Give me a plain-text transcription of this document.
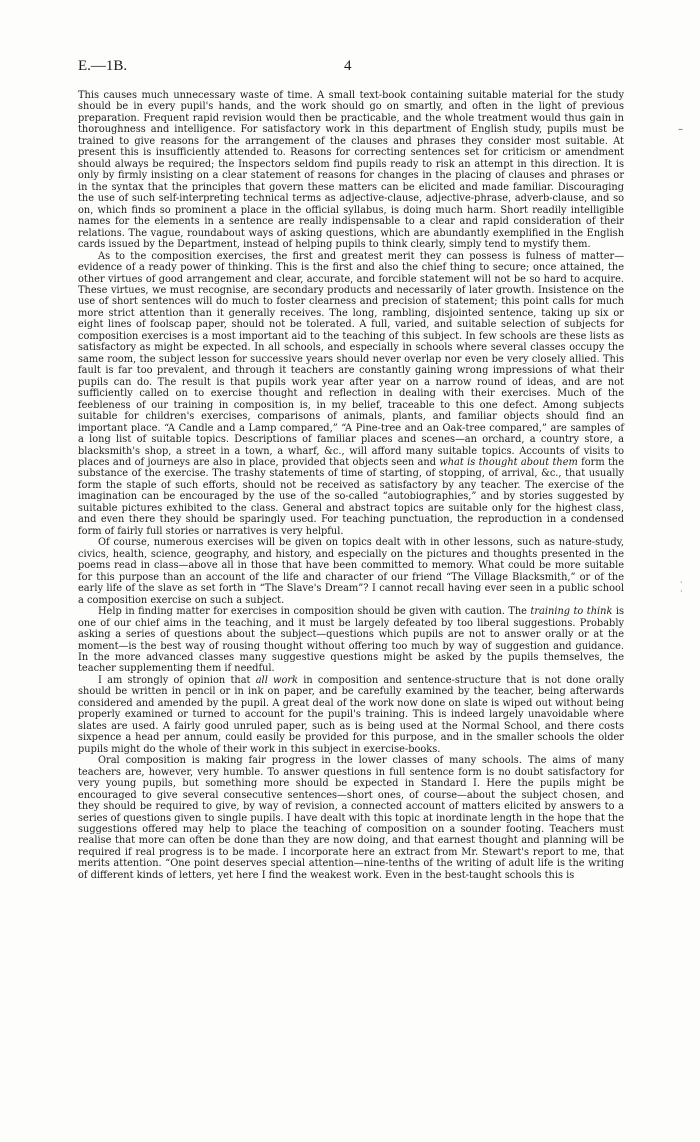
E.—1B.	4

This causes much unnecessary waste of time. A small text-book containing suitable material for the study should be in every pupil's hands, and the work should go on smartly, and often in the light of previous preparation. Frequent rapid revision would then be practicable, and the whole treatment would thus gain in thoroughness and intelligence. For satisfactory work in this department of English study, pupils must be trained to give reasons for the arrangement of the clauses and phrases they consider most suitable. At present this is insufficiently attended to. Reasons for correcting sentences set for criticism or amendment should always be required; the Inspectors seldom find pupils ready to risk an attempt in this direction. It is only by firmly insisting on a clear statement of reasons for changes in the placing of clauses and phrases or in the syntax that the principles that govern these matters can be elicited and made familiar. Discouraging the use of such self-interpreting technical terms as adjective-clause, adjective-phrase, adverb-clause, and so on, which finds so prominent a place in the official syllabus, is doing much harm. Short readily intelligible names for the elements in a sentence are really indispensable to a clear and rapid consideration of their relations. The vague, roundabout ways of asking questions, which are abundantly exemplified in the English cards issued by the Department, instead of helping pupils to think clearly, simply tend to mystify them.

As to the composition exercises, the first and greatest merit they can possess is fulness of matter—evidence of a ready power of thinking. This is the first and also the chief thing to secure; once attained, the other virtues of good arrangement and clear, accurate, and forcible statement will not be so hard to acquire. These virtues, we must recognise, are secondary products and necessarily of later growth. Insistence on the use of short sentences will do much to foster clearness and precision of statement; this point calls for much more strict attention than it generally receives. The long, rambling, disjointed sentence, taking up six or eight lines of foolscap paper, should not be tolerated. A full, varied, and suitable selection of subjects for composition exercises is a most important aid to the teaching of this subject. In few schools are these lists as satisfactory as might be expected. In all schools, and especially in schools where several classes occupy the same room, the subject lesson for successive years should never overlap nor even be very closely allied. This fault is far too prevalent, and through it teachers are constantly gaining wrong impressions of what their pupils can do. The result is that pupils work year after year on a narrow round of ideas, and are not sufficiently called on to exercise thought and reflection in dealing with their exercises. Much of the feebleness of our training in composition is, in my belief, traceable to this one defect. Among subjects suitable for children's exercises, comparisons of animals, plants, and familiar objects should find an important place. “A Candle and a Lamp compared,” “A Pine-tree and an Oak-tree compared,” are samples of a long list of suitable topics. Descriptions of familiar places and scenes—an orchard, a country store, a blacksmith's shop, a street in a town, a wharf, &c., will afford many suitable topics. Accounts of visits to places and of journeys are also in place, provided that objects seen and what is thought about them form the substance of the exercise. The trashy statements of time of starting, of stopping, of arrival, &c., that usually form the staple of such efforts, should not be received as satisfactory by any teacher. The exercise of the imagination can be encouraged by the use of the so-called “autobiographies,” and by stories suggested by suitable pictures exhibited to the class. General and abstract topics are suitable only for the highest class, and even there they should be sparingly used. For teaching punctuation, the reproduction in a condensed form of fairly full stories or narratives is very helpful.

Of course, numerous exercises will be given on topics dealt with in other lessons, such as nature-study, civics, health, science, geography, and history, and especially on the pictures and thoughts presented in the poems read in class—above all in those that have been committed to memory. What could be more suitable for this purpose than an account of the life and character of our friend “The Village Blacksmith,” or of the early life of the slave as set forth in “The Slave's Dream”? I cannot recall having ever seen in a public school a composition exercise on such a subject.

Help in finding matter for exercises in composition should be given with caution. The training to think is one of our chief aims in the teaching, and it must be largely defeated by too liberal suggestions. Probably asking a series of questions about the subject—questions which pupils are not to answer orally or at the moment—is the best way of rousing thought without offering too much by way of suggestion and guidance. In the more advanced classes many suggestive questions might be asked by the pupils themselves, the teacher supplementing them if needful.

I am strongly of opinion that all work in composition and sentence-structure that is not done orally should be written in pencil or in ink on paper, and be carefully examined by the teacher, being afterwards considered and amended by the pupil. A great deal of the work now done on slate is wiped out without being properly examined or turned to account for the pupil's training. This is indeed largely unavoidable where slates are used. A fairly good unruled paper, such as is being used at the Normal School, and there costs sixpence a head per annum, could easily be provided for this purpose, and in the smaller schools the older pupils might do the whole of their work in this subject in exercise-books.

Oral composition is making fair progress in the lower classes of many schools. The aims of many teachers are, however, very humble. To answer questions in full sentence form is no doubt satisfactory for very young pupils, but something more should be expected in Standard I. Here the pupils might be encouraged to give several consecutive sentences—short ones, of course—about the subject chosen, and they should be required to give, by way of revision, a connected account of matters elicited by answers to a series of questions given to single pupils. I have dealt with this topic at inordinate length in the hope that the suggestions offered may help to place the teaching of composition on a sounder footing. Teachers must realise that more can often be done than they are now doing, and that earnest thought and planning will be required if real progress is to be made. I incorporate here an extract from Mr. Stewart's report to me, that merits attention. “One point deserves special attention—nine-tenths of the writing of adult life is the writing of different kinds of letters, yet here I find the weakest work. Even in the best-taught schools this is

–
·
·
